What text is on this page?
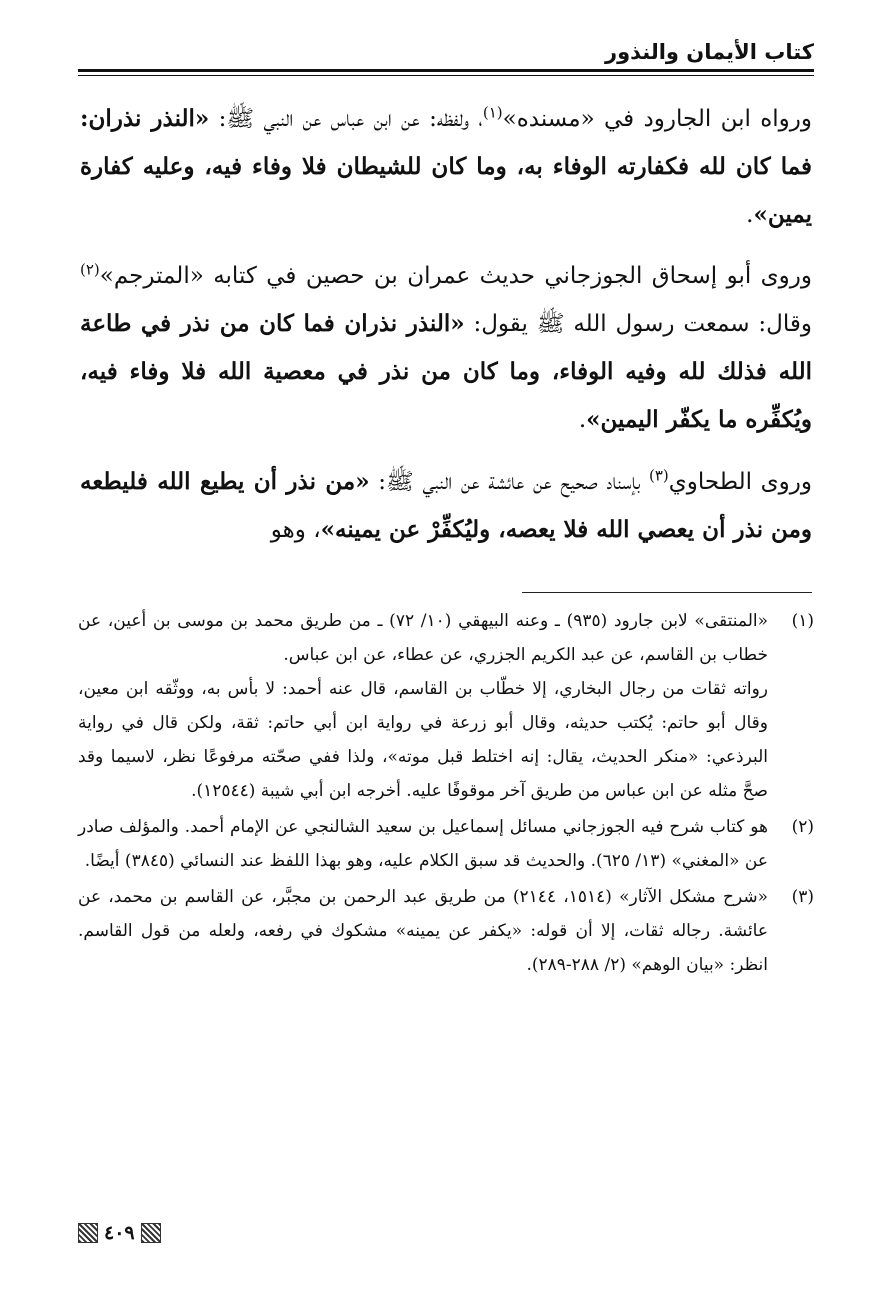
كتاب الأيمان والنذور

ورواه ابن الجارود في «مسنده»$^{(١)}$، ولفظه: عن ابن عباس عن النبي ﷺ: «النذر نذران: فما كان لله فكفارته الوفاء به، وما كان للشيطان فلا وفاء فيه، وعليه كفارة يمين».

وروى أبو إسحاق الجوزجاني حديث عمران بن حصين في كتابه «المترجم»$^{(٢)}$ وقال: سمعت رسول الله ﷺ يقول: «النذر نذران فما كان من نذر في طاعة الله فذلك لله وفيه الوفاء، وما كان من نذر في معصية الله فلا وفاء فيه، ويُكفِّره ما يكفّر اليمين».

وروى الطحاوي$^{(٣)}$ بإسناد صحيح عن عائشة عن النبي ﷺ: «من نذر أن يطيع الله فليطعه ومن نذر أن يعصي الله فلا يعصه، وليُكفِّرْ عن يمينه»، وهو

(١)

«المنتقى» لابن جارود (٩٣٥) ـ وعنه البيهقي (١٠/ ٧٢) ـ من طريق محمد بن موسى بن أعين، عن خطاب بن القاسم، عن عبد الكريم الجزري، عن عطاء، عن ابن عباس.

رواته ثقات من رجال البخاري، إلا خطّاب بن القاسم، قال عنه أحمد: لا بأس به، ووثّقه ابن معين، وقال أبو حاتم: يُكتب حديثه، وقال أبو زرعة في رواية ابن أبي حاتم: ثقة، ولكن قال في رواية البرذعي: «منكر الحديث، يقال: إنه اختلط قبل موته»، ولذا ففي صحّته مرفوعًا نظر، لاسيما وقد صحَّ مثله عن ابن عباس من طريق آخر موقوفًا عليه. أخرجه ابن أبي شيبة (١٢٥٤٤).

(٢)

هو كتاب شرح فيه الجوزجاني مسائل إسماعيل بن سعيد الشالنجي عن الإمام أحمد. والمؤلف صادر عن «المغني» (١٣/ ٦٢٥). والحديث قد سبق الكلام عليه، وهو بهذا اللفظ عند النسائي (٣٨٤٥) أيضًا.

(٣)

«شرح مشكل الآثار» (١٥١٤، ٢١٤٤) من طريق عبد الرحمن بن مجبَّر، عن القاسم بن محمد، عن عائشة. رجاله ثقات، إلا أن قوله: «يكفر عن يمينه» مشكوك في رفعه، ولعله من قول القاسم. انظر: «بيان الوهم» (٢/ ٢٨٨-٢٨٩).

٤٠٩
